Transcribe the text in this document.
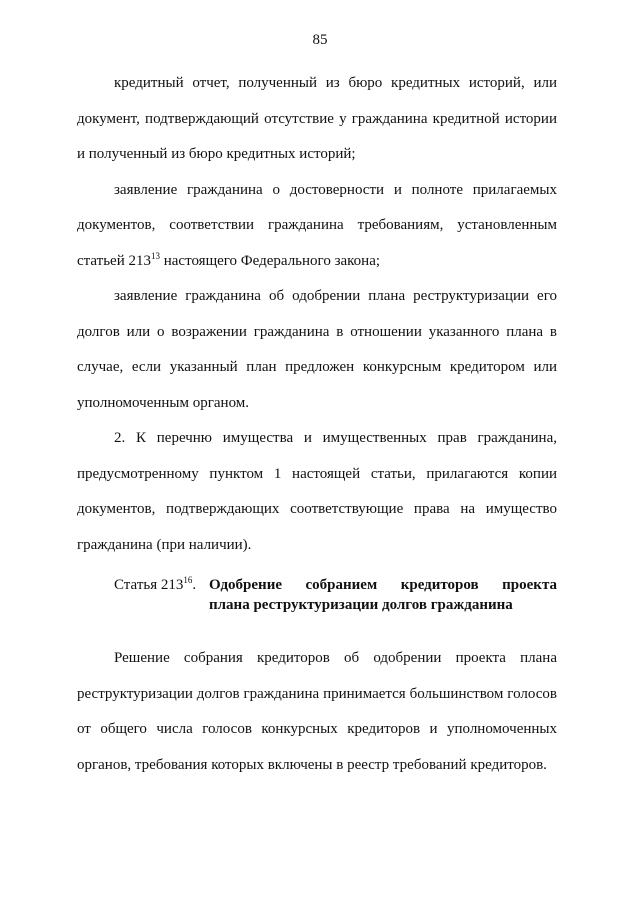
85

кредитный отчет, полученный из бюро кредитных историй, или документ, подтверждающий отсутствие у гражданина кредитной истории и полученный из бюро кредитных историй;

заявление гражданина о достоверности и полноте прилагаемых документов, соответствии гражданина требованиям, установленным статьей $213^{13}$ настоящего Федерального закона;

заявление гражданина об одобрении плана реструктуризации его долгов или о возражении гражданина в отношении указанного плана в случае, если указанный план предложен конкурсным кредитором или уполномоченным органом.

2. К перечню имущества и имущественных прав гражданина, предусмотренному пунктом 1 настоящей статьи, прилагаются копии документов, подтверждающих соответствующие права на имущество гражданина (при наличии).

Статья $213^{16}$. Одобрение собранием кредиторов проекта
плана реструктуризации долгов гражданина

Решение собрания кредиторов об одобрении проекта плана реструктуризации долгов гражданина принимается большинством голосов от общего числа голосов конкурсных кредиторов и уполномоченных органов, требования которых включены в реестр требований кредиторов.
